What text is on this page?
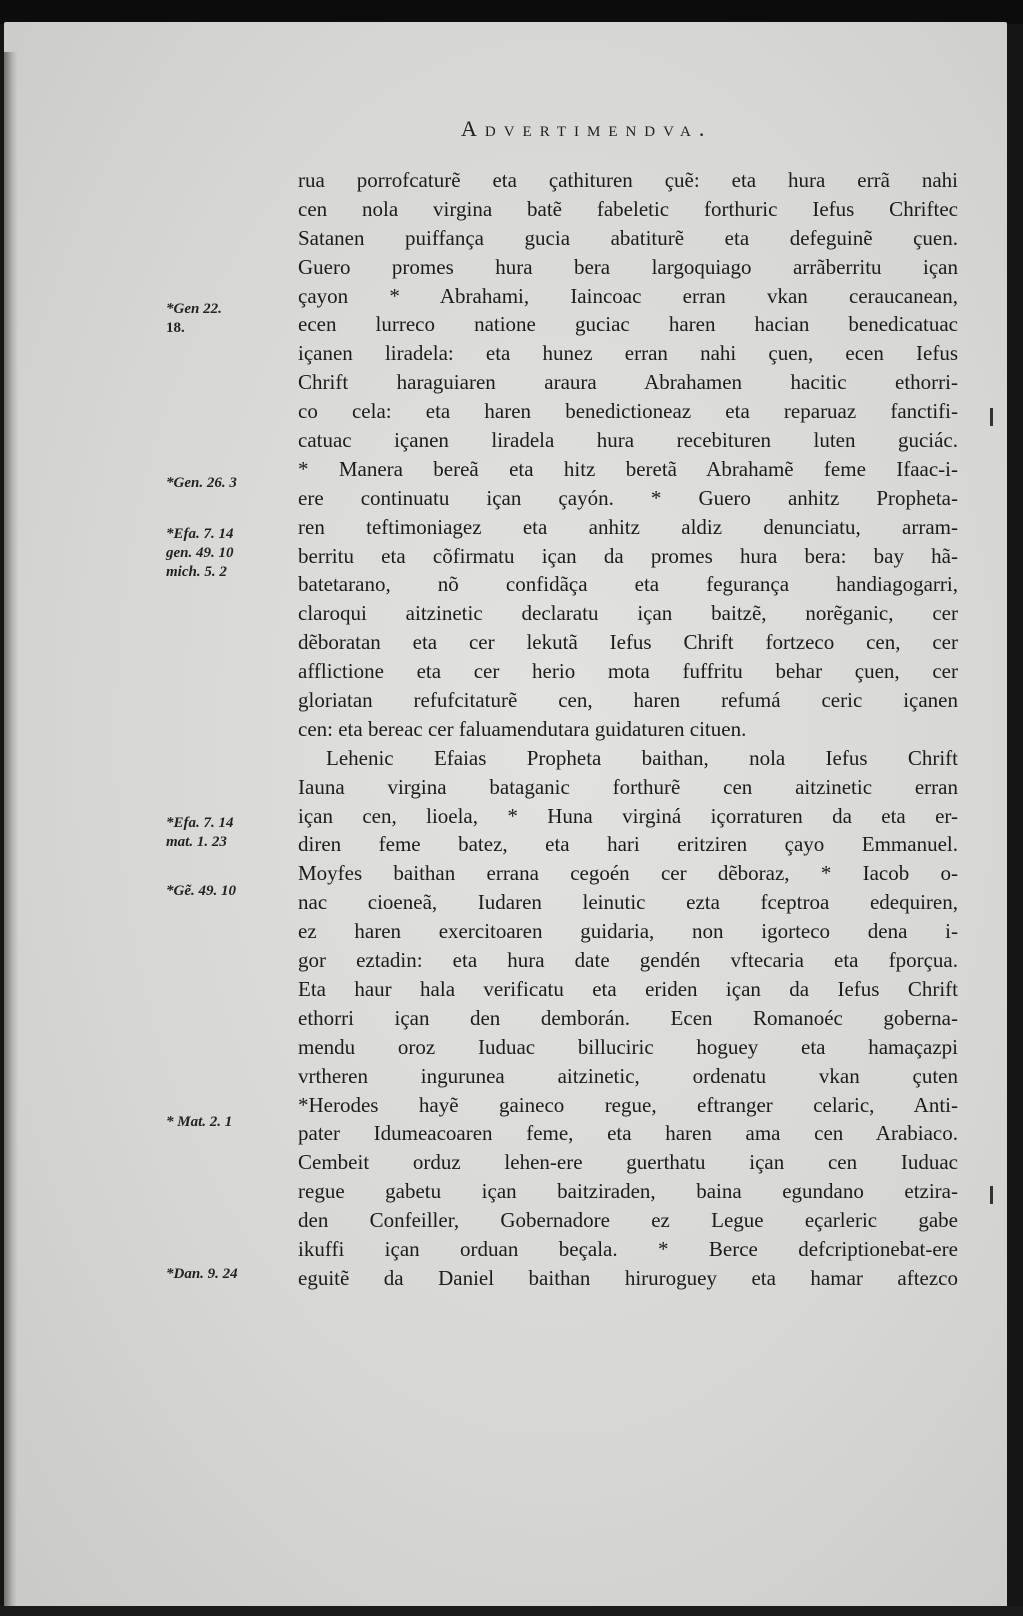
Advertimendva.
*Gen 22.
18.
*Gen. 26. 3
*Efa. 7. 14
gen. 49. 10
mich. 5. 2
*Efa. 7. 14
mat. 1. 23
*Gẽ. 49. 10
* Mat. 2. 1
*Dan. 9. 24
rua porrofcaturẽ eta çathituren çuẽ: eta hura errã nahi
cen nola virgina batẽ fabeletic forthuric Iefus Chriftec
Satanen puiffança gucia abatiturẽ eta defeguinẽ çuen.
Guero promes hura bera largoquiago arrãberritu içan
çayon * Abrahami, Iaincoac erran vkan ceraucanean,
ecen lurreco natione guciac haren hacian benedicatuac
içanen liradela: eta hunez erran nahi çuen, ecen Iefus
Chrift haraguiaren araura Abrahamen hacitic ethorri-
co cela: eta haren benedictioneaz eta reparuaz fanctifi-
catuac içanen liradela hura recebituren luten guciác.
* Manera bereã eta hitz beretã Abrahamẽ feme Ifaac-i-
ere continuatu içan çayón. * Guero anhitz Propheta-
ren teftimoniagez eta anhitz aldiz denunciatu, arram-
berritu eta cõfirmatu içan da promes hura bera: bay hã-
batetarano, nõ confidãça eta fegurança handiagogarri,
claroqui aitzinetic declaratu içan baitzẽ, norẽganic, cer
dẽboratan eta cer lekutã Iefus Chrift fortzeco cen, cer
afflictione eta cer herio mota fuffritu behar çuen, cer
gloriatan refufcitaturẽ cen, haren refumá ceric içanen
cen: eta bereac cer faluamendutara guidaturen cituen.
Lehenic Efaias Propheta baithan, nola Iefus Chrift
Iauna virgina bataganic forthurẽ cen aitzinetic erran
içan cen, lioela, * Huna virginá içorraturen da eta er-
diren feme batez, eta hari eritziren çayo Emmanuel.
Moyfes baithan errana cegoén cer dẽboraz, * Iacob o-
nac cioeneã, Iudaren leinutic ezta fceptroa edequiren,
ez haren exercitoaren guidaria, non igorteco dena i-
gor eztadin: eta hura date gendén vftecaria eta fporçua.
Eta haur hala verificatu eta eriden içan da Iefus Chrift
ethorri içan den demborán. Ecen Romanoéc goberna-
mendu oroz Iuduac billuciric hoguey eta hamaçazpi
vrtheren ingurunea aitzinetic, ordenatu vkan çuten
*Herodes hayẽ gaineco regue, eftranger celaric, Anti-
pater Idumeacoaren feme, eta haren ama cen Arabiaco.
Cembeit orduz lehen-ere guerthatu içan cen Iuduac
regue gabetu içan baitziraden, baina egundano etzira-
den Confeiller, Gobernadore ez Legue eçarleric gabe
ikuffi içan orduan beçala. * Berce defcriptionebat-ere
eguitẽ da Daniel baithan hiruroguey eta hamar aftezco
